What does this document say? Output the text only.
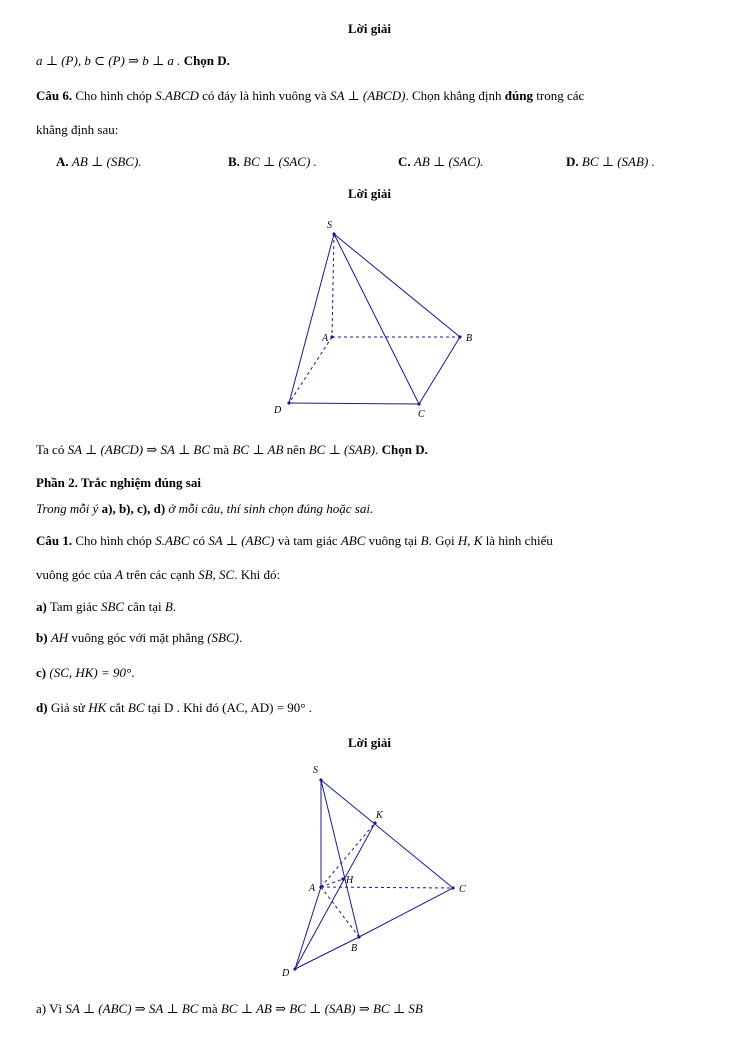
Lời giải
a ⊥ (P), b ⊂ (P) ⇒ b ⊥ a . Chọn D.
Câu 6. Cho hình chóp S.ABCD có đáy là hình vuông và SA ⊥ (ABCD). Chọn khẳng định đúng trong các
khẳng định sau:
A. AB ⊥ (SBC).	B. BC ⊥ (SAC) .	C. AB ⊥ (SAC).	D. BC ⊥ (SAB) .
Lời giải
S
A	B
C
D
Ta có SA ⊥ (ABCD) ⇒ SA ⊥ BC mà BC ⊥ AB nên BC ⊥ (SAB). Chọn D.
Phần 2. Trắc nghiệm đúng sai
Trong mỗi ý a), b), c), d) ở mỗi câu, thí sinh chọn đúng hoặc sai.
Câu 1. Cho hình chóp S.ABC có SA ⊥ (ABC) và tam giác ABC vuông tại B. Gọi H, K là hình chiếu
vuông góc của A trên các cạnh SB, SC. Khi đó:
a) Tam giác SBC cân tại B.
b) AH vuông góc với mặt phẳng (SBC).
c) (SC, HK) = 90°.
d) Giả sử HK cắt BC tại D . Khi đó (AC, AD) = 90° .
Lời giải
S
K
H
A	C
B
D
a) Vì SA ⊥ (ABC) ⇒ SA ⊥ BC mà BC ⊥ AB ⇒ BC ⊥ (SAB) ⇒ BC ⊥ SB
